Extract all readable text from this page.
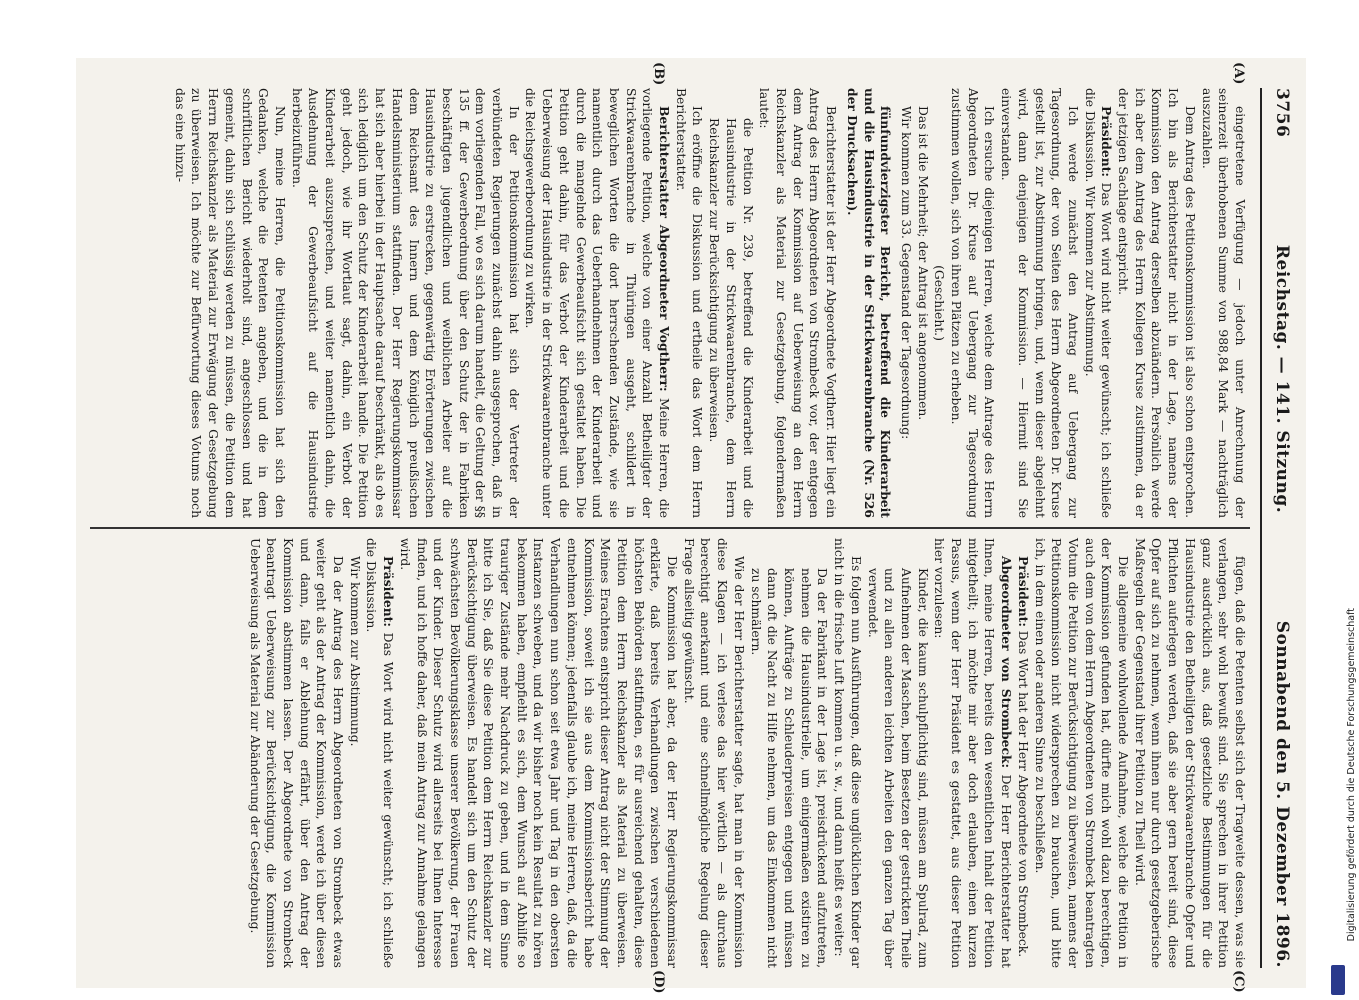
3756
Reichstag. — 141. Sitzung.
Sonnabend den 5. Dezember 1896.

eingetretene Verfügung — jedoch unter Anrechnung der seinerzeit überhobenen Summe von 988,84 Mark — nachträglich auszuzahlen.

Dem Antrag des Petitionskommission ist also schon entsprochen. Ich bin als Berichterstatter nicht in der Lage, namens der Kommission den Antrag derselben abzuändern. Persönlich werde ich aber dem Antrag des Herrn Kollegen Kruse zustimmen, da er der jetzigen Sachlage entspricht.

Präsident: Das Wort wird nicht weiter gewünscht; ich schließe die Diskussion. Wir kommen zur Abstimmung.

Ich werde zunächst den Antrag auf Uebergang zur Tagesordnung, der von Seiten des Herrn Abgeordneten Dr. Kruse gestellt ist, zur Abstimmung bringen, und, wenn dieser abgelehnt wird, dann denjenigen der Kommission. — Hiermit sind Sie einverstanden.

Ich ersuche diejenigen Herren, welche dem Antrage des Herrn Abgeordneten Dr. Kruse auf Uebergang zur Tagesordnung zustimmen wollen, sich von ihren Plätzen zu erheben.

(Geschieht.)

Das ist die Mehrheit; der Antrag ist angenommen.

Wir kommen zum 33. Gegenstand der Tagesordnung:

fünfundvierzigster Bericht, betreffend die Kinderarbeit und die Hausindustrie in der Strickwaarenbranche (Nr. 526 der Drucksachen).

Berichterstatter ist der Herr Abgeordnete Vogtherr. Hier liegt ein Antrag des Herrn Abgeordneten von Strombeck vor, der entgegen dem Antrag der Kommission auf Ueberweisung an den Herrn Reichskanzler als Material zur Gesetzgebung, folgendermaßen lautet:

die Petition Nr. 239, betreffend die Kinderarbeit und die Hausindustrie in der Strickwaarenbranche, dem Herrn Reichskanzler zur Berücksichtigung zu überweisen.

Ich eröffne die Diskussion und ertheile das Wort dem Herrn Berichterstatter.

Berichterstatter Abgeordneter Vogtherr: Meine Herren, die vorliegende Petition, welche von einer Anzahl Betheiligter der Strickwaarenbranche in Thüringen ausgeht, schildert in beweglichen Worten die dort herrschenden Zustände, wie sie namentlich durch das Ueberhandnehmen der Kinderarbeit und durch die mangelnde Gewerbeaufsicht sich gestaltet haben. Die Petition geht dahin, für das Verbot der Kinderarbeit und die Ueberweisung der Hausindustrie in der Strickwaarenbranche unter die Reichsgewerbeordnung zu wirken.

In der Petitionskommission hat sich der Vertreter der verbündeten Regierungen zunächst dahin ausgesprochen, daß in dem vorliegenden Fall, wo es sich darum handelt, die Geltung der §§ 135 ff. der Gewerbeordnung über den Schutz der in Fabriken beschäftigten jugendlichen und weiblichen Arbeiter auf die Hausindustrie zu erstrecken, gegenwärtig Erörterungen zwischen dem Reichsamt des Innern und dem Königlich preußischen Handelsministerium stattfinden. Der Herr Regierungskommissar hat sich aber hierbei in der Hauptsache darauf beschränkt, als ob es sich lediglich um den Schutz der Kinderarbeit handle. Die Petition geht jedoch, wie ihr Wortlaut sagt, dahin, ein Verbot der Kinderarbeit auszusprechen, und weiter namentlich dahin, die Ausdehnung der Gewerbeaufsicht auf die Hausindustrie herbeizuführen.

Nun, meine Herren, die Petitionskommission hat sich den Gedanken, welche die Petenten angeben, und die in dem schriftlichen Bericht wiederholt sind, angeschlossen und hat gemeint, dahin sich schlüssig werden zu müssen, die Petition dem Herrn Reichskanzler als Material zur Erwägung der Gesetzgebung zu überweisen. Ich möchte zur Befürwortung dieses Votums noch das eine hinzu-

fügen, daß die Petenten selbst sich der Tragweite dessen, was sie verlangen, sehr wohl bewußt sind. Sie sprechen in ihrer Petition ganz ausdrücklich aus, daß gesetzliche Bestimmungen für die Hausindustrie den Betheiligten der Strickwaarenbranche Opfer und Pflichten auferlegen werden, daß sie aber gern bereit sind, diese Opfer auf sich zu nehmen, wenn ihnen nur durch gesetzgeberische Maßregeln der Gegenstand ihrer Petition zu Theil wird.

Die allgemeine wohlwollende Aufnahme, welche die Petition in der Kommission gefunden hat, dürfte mich wohl dazu berechtigen, auch dem von dem Herrn Abgeordneten von Strombeck beantragten Votum die Petition zur Berücksichtigung zu überweisen, namens der Petitionskommission nicht widersprechen zu brauchen, und bitte ich, in dem einen oder anderen Sinne zu beschließen.

Präsident: Das Wort hat der Herr Abgeordnete von Strombeck.

Abgeordneter von Strombeck: Der Herr Berichterstatter hat Ihnen, meine Herren, bereits den wesentlichen Inhalt der Petition mitgetheilt; ich möchte mir aber doch erlauben, einen kurzen Passus, wenn der Herr Präsident es gestattet, aus dieser Petition hier vorzulesen:

Kinder, die kaum schulpflichtig sind, müssen am Spulrad, zum Aufnehmen der Maschen, beim Besetzen der gestrickten Theile und zu allen anderen leichten Arbeiten den ganzen Tag über verwendet.

Es folgen nun Ausführungen, daß diese unglücklichen Kinder gar nicht in die frische Luft kommen u. s. w., und dann heißt es weiter:

Da der Fabrikant in der Lage ist, preisdrückend aufzutreten, nehmen die Hausindustrielle, um einigermaßen existiren zu können, Aufträge zu Schleuderpreisen entgegen und müssen dann oft die Nacht zu Hilfe nehmen, um das Einkommen nicht zu schmälern.

Wie der Herr Berichterstatter sagte, hat man in der Kommission diese Klagen — ich verlese das hier wörtlich — als durchaus berechtigt anerkannt und eine schnellmögliche Regelung dieser Frage allseitig gewünscht.

Die Kommission hat aber, da der Herr Regierungskommissar erklärte, daß bereits Verhandlungen zwischen verschiedenen höchsten Behörden stattfinden, es für ausreichend gehalten, diese Petition dem Herrn Reichskanzler als Material zu überweisen. Meines Erachtens entspricht dieser Antrag nicht der Stimmung der Kommission, soweit ich sie aus dem Kommissionsbericht habe entnehmen können; jedenfalls glaube ich, meine Herren, daß, da die Verhandlungen nun schon seit etwa Jahr und Tag in den obersten Instanzen schweben, und da wir bisher noch kein Resultat zu hören bekommen haben, empfiehlt es sich, dem Wunsch auf Abhilfe so trauriger Zustände mehr Nachdruck zu geben, und in dem Sinne bitte ich Sie, daß Sie diese Petition dem Herrn Reichskanzler zur Berücksichtigung überweisen. Es handelt sich um den Schutz der schwächsten Bevölkerungsklasse unserer Bevölkerung, der Frauen und der Kinder. Dieser Schutz wird allerseits bei Ihnen Interesse finden, und ich hoffe daher, daß mein Antrag zur Annahme gelangen wird.

Präsident: Das Wort wird nicht weiter gewünscht; ich schließe die Diskussion.

Wir kommen zur Abstimmung.

Da der Antrag des Herrn Abgeordneten von Strombeck etwas weiter geht als der Antrag der Kommission, werde ich über diesen und dann, falls er Ablehnung erfährt, über den Antrag der Kommission abstimmen lassen. Der Abgeordnete von Strombeck beantragt Ueberweisung zur Berücksichtigung, die Kommission Ueberweisung als Material zur Abänderung der Gesetzgebung.

(A)
(B)
(C)
(D)
Digitalisierung gefördert durch die Deutsche Forschungsgemeinschaft
